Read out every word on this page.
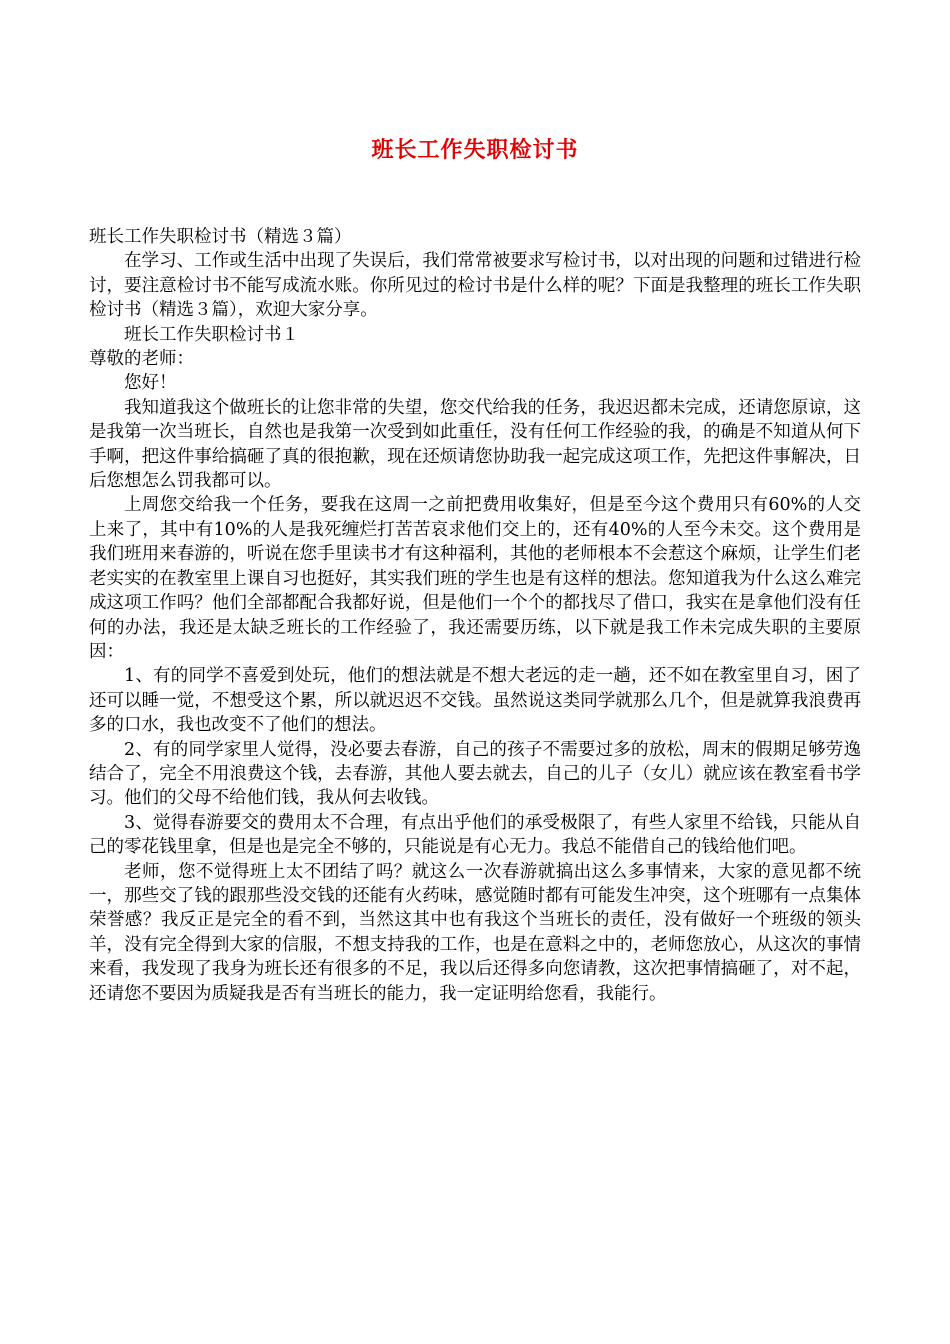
班长工作失职检讨书

班长工作失职检讨书（精选３篇）

在学习、工作或生活中出现了失误后，我们常常被要求写检讨书，以对出现的问题和过错进行检讨，要注意检讨书不能写成流水账。你所见过的检讨书是什么样的呢？下面是我整理的班长工作失职检讨书（精选３篇），欢迎大家分享。

班长工作失职检讨书１

尊敬的老师：

您好！

我知道我这个做班长的让您非常的失望，您交代给我的任务，我迟迟都未完成，还请您原谅，这是我第一次当班长，自然也是我第一次受到如此重任，没有任何工作经验的我，的确是不知道从何下手啊，把这件事给搞砸了真的很抱歉，现在还烦请您协助我一起完成这项工作，先把这件事解决，日后您想怎么罚我都可以。

上周您交给我一个任务，要我在这周一之前把费用收集好，但是至今这个费用只有60%的人交上来了，其中有10%的人是我死缠烂打苦苦哀求他们交上的，还有40%的人至今未交。这个费用是我们班用来春游的，听说在您手里读书才有这种福利，其他的老师根本不会惹这个麻烦，让学生们老老实实的在教室里上课自习也挺好，其实我们班的学生也是有这样的想法。您知道我为什么这么难完成这项工作吗？他们全部都配合我都好说，但是他们一个个的都找尽了借口，我实在是拿他们没有任何的办法，我还是太缺乏班长的工作经验了，我还需要历练，以下就是我工作未完成失职的主要原因：

1、有的同学不喜爱到处玩，他们的想法就是不想大老远的走一趟，还不如在教室里自习，困了还可以睡一觉，不想受这个累，所以就迟迟不交钱。虽然说这类同学就那么几个，但是就算我浪费再多的口水，我也改变不了他们的想法。

2、有的同学家里人觉得，没必要去春游，自己的孩子不需要过多的放松，周末的假期足够劳逸结合了，完全不用浪费这个钱，去春游，其他人要去就去，自己的儿子（女儿）就应该在教室看书学习。他们的父母不给他们钱，我从何去收钱。

3、觉得春游要交的费用太不合理，有点出乎他们的承受极限了，有些人家里不给钱，只能从自己的零花钱里拿，但是也是完全不够的，只能说是有心无力。我总不能借自己的钱给他们吧。

老师，您不觉得班上太不团结了吗？就这么一次春游就搞出这么多事情来，大家的意见都不统一，那些交了钱的跟那些没交钱的还能有火药味，感觉随时都有可能发生冲突，这个班哪有一点集体荣誉感？我反正是完全的看不到，当然这其中也有我这个当班长的责任，没有做好一个班级的领头羊，没有完全得到大家的信服，不想支持我的工作，也是在意料之中的，老师您放心，从这次的事情来看，我发现了我身为班长还有很多的不足，我以后还得多向您请教，这次把事情搞砸了，对不起，还请您不要因为质疑我是否有当班长的能力，我一定证明给您看，我能行。
